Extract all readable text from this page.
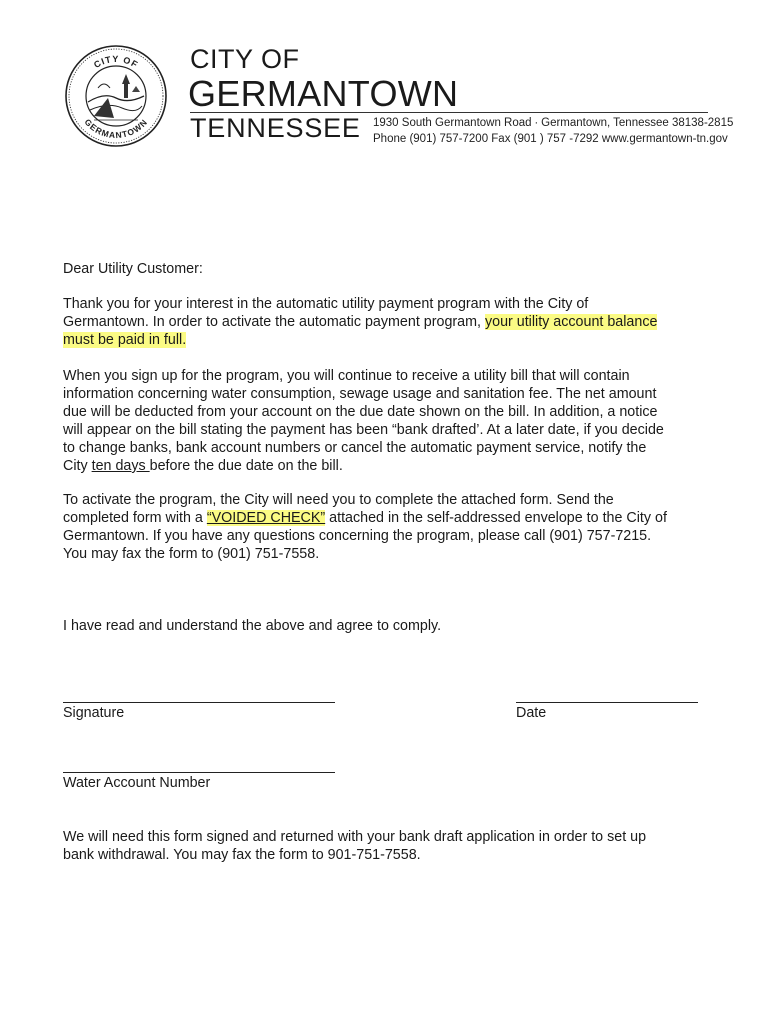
CITY OF
GERMANTOWN
CITY OF
GERMANTOWN
TENNESSEE 1930 South Germantown Road ∙ Germantown, Tennessee 38138-2815
Phone (901) 757-7200 Fax (901 ) 757 -7292 www.germantown-tn.gov
Dear Utility Customer:
Thank you for your interest in the automatic utility payment program with the City of
Germantown. In order to activate the automatic payment program, your utility account balance
must be paid in full.
When you sign up for the program, you will continue to receive a utility bill that will contain
information concerning water consumption, sewage usage and sanitation fee. The net amount
due will be deducted from your account on the due date shown on the bill. In addition, a notice
will appear on the bill stating the payment has been “bank drafted’. At a later date, if you decide
to change banks, bank account numbers or cancel the automatic payment service, notify the
City ten days before the due date on the bill.
To activate the program, the City will need you to complete the attached form. Send the
completed form with a “VOIDED CHECK” attached in the self-addressed envelope to the City of
Germantown. If you have any questions concerning the program, please call (901) 757-7215.
You may fax the form to (901) 751-7558.
I have read and understand the above and agree to comply.
Signature	Date
Water Account Number
We will need this form signed and returned with your bank draft application in order to set up
bank withdrawal. You may fax the form to 901-751-7558.
